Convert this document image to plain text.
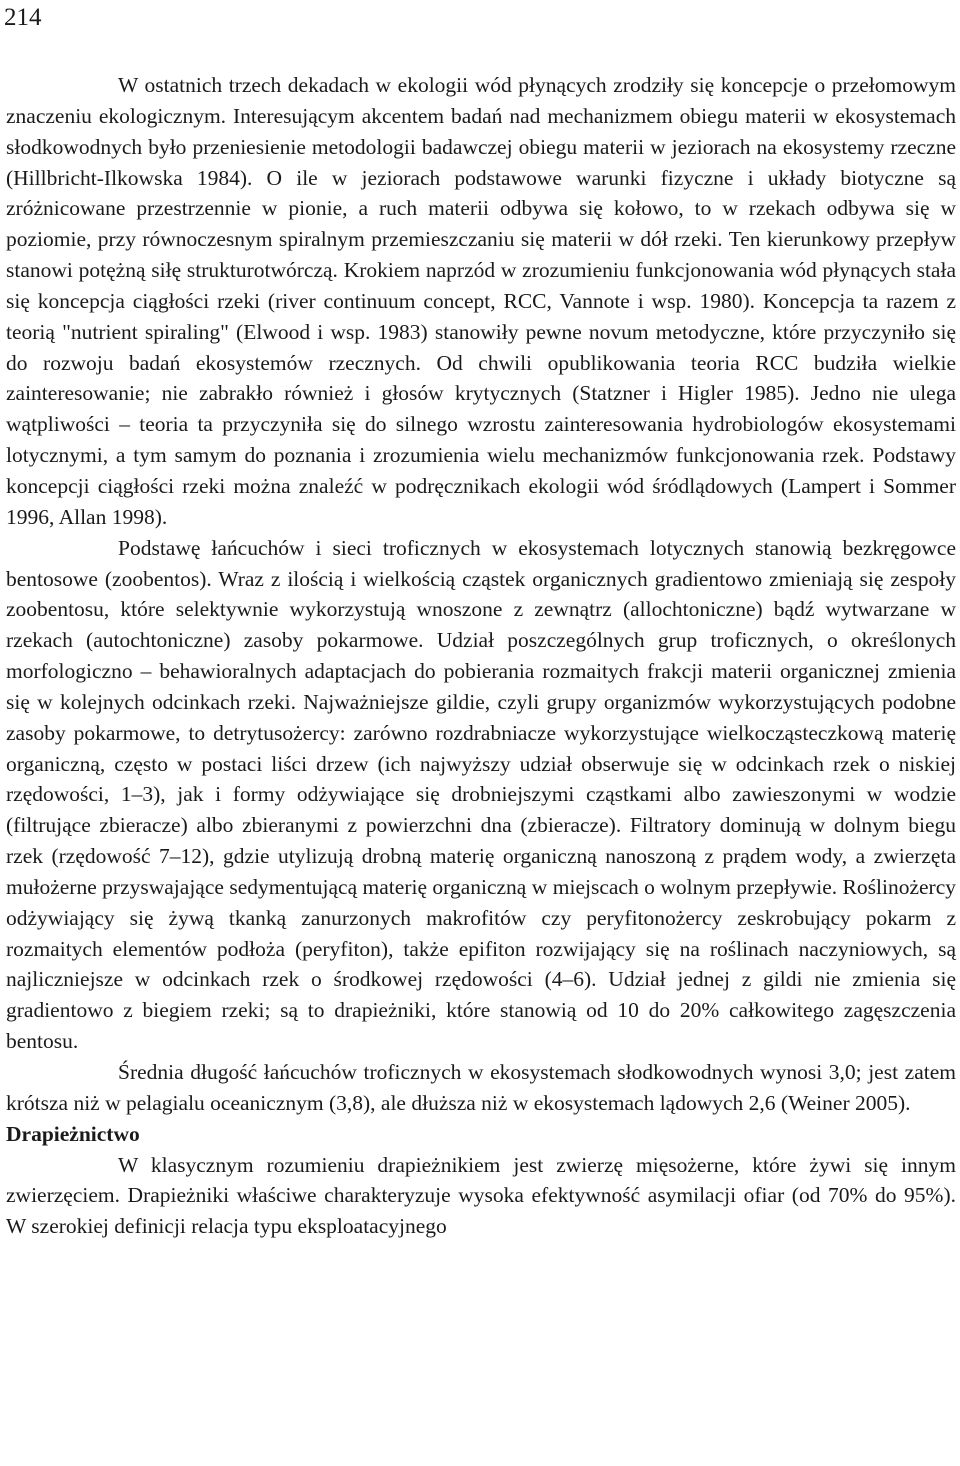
214

W ostatnich trzech dekadach w ekologii wód płynących zrodziły się koncepcje o przełomowym znaczeniu ekologicznym. Interesującym akcentem badań nad mechanizmem obiegu materii w ekosystemach słodkowodnych było przeniesienie metodologii badawczej obiegu materii w jeziorach na ekosystemy rzeczne (Hillbricht-Ilkowska 1984). O ile w jeziorach podstawowe warunki fizyczne i układy biotyczne są zróżnicowane przestrzennie w pionie, a ruch materii odbywa się kołowo, to w rzekach odbywa się w poziomie, przy równoczesnym spiralnym przemieszczaniu się materii w dół rzeki. Ten kierunkowy przepływ stanowi potężną siłę strukturotwórczą. Krokiem naprzód w zrozumieniu funkcjonowania wód płynących stała się koncepcja ciągłości rzeki (river continuum concept, RCC, Vannote i wsp. 1980). Koncepcja ta razem z teorią "nutrient spiraling" (Elwood i wsp. 1983) stanowiły pewne novum metodyczne, które przyczyniło się do rozwoju badań ekosystemów rzecznych. Od chwili opublikowania teoria RCC budziła wielkie zainteresowanie; nie zabrakło również i głosów krytycznych (Statzner i Higler 1985). Jedno nie ulega wątpliwości – teoria ta przyczyniła się do silnego wzrostu zainteresowania hydrobiologów ekosystemami lotycznymi, a tym samym do poznania i zrozumienia wielu mechanizmów funkcjonowania rzek. Podstawy koncepcji ciągłości rzeki można znaleźć w podręcznikach ekologii wód śródlądowych (Lampert i Sommer 1996, Allan 1998).

Podstawę łańcuchów i sieci troficznych w ekosystemach lotycznych stanowią bezkręgowce bentosowe (zoobentos). Wraz z ilością i wielkością cząstek organicznych gradientowo zmieniają się zespoły zoobentosu, które selektywnie wykorzystują wnoszone z zewnątrz (allochtoniczne) bądź wytwarzane w rzekach (autochtoniczne) zasoby pokarmowe. Udział poszczególnych grup troficznych, o określonych morfologiczno – behawioralnych adaptacjach do pobierania rozmaitych frakcji materii organicznej zmienia się w kolejnych odcinkach rzeki. Najważniejsze gildie, czyli grupy organizmów wykorzystujących podobne zasoby pokarmowe, to detrytusożercy: zarówno rozdrabniacze wykorzystujące wielkocząsteczkową materię organiczną, często w postaci liści drzew (ich najwyższy udział obserwuje się w odcinkach rzek o niskiej rzędowości, 1–3), jak i formy odżywiające się drobniejszymi cząstkami albo zawieszonymi w wodzie (filtrujące zbieracze) albo zbieranymi z powierzchni dna (zbieracze). Filtratory dominują w dolnym biegu rzek (rzędowość 7–12), gdzie utylizują drobną materię organiczną nanoszoną z prądem wody, a zwierzęta mułożerne przyswajające sedymentującą materię organiczną w miejscach o wolnym przepływie. Roślinożercy odżywiający się żywą tkanką zanurzonych makrofitów czy peryfitonożercy zeskrobujący pokarm z rozmaitych elementów podłoża (peryfiton), także epifiton rozwijający się na roślinach naczyniowych, są najliczniejsze w odcinkach rzek o środkowej rzędowości (4–6). Udział jednej z gildi nie zmienia się gradientowo z biegiem rzeki; są to drapieżniki, które stanowią od 10 do 20% całkowitego zagęszczenia bentosu.

Średnia długość łańcuchów troficznych w ekosystemach słodkowodnych wynosi 3,0; jest zatem krótsza niż w pelagialu oceanicznym (3,8), ale dłuższa niż w ekosystemach lądowych 2,6 (Weiner 2005).

Drapieżnictwo

W klasycznym rozumieniu drapieżnikiem jest zwierzę mięsożerne, które żywi się innym zwierzęciem. Drapieżniki właściwe charakteryzuje wysoka efektywność asymilacji ofiar (od 70% do 95%). W szerokiej definicji relacja typu eksploatacyjnego
